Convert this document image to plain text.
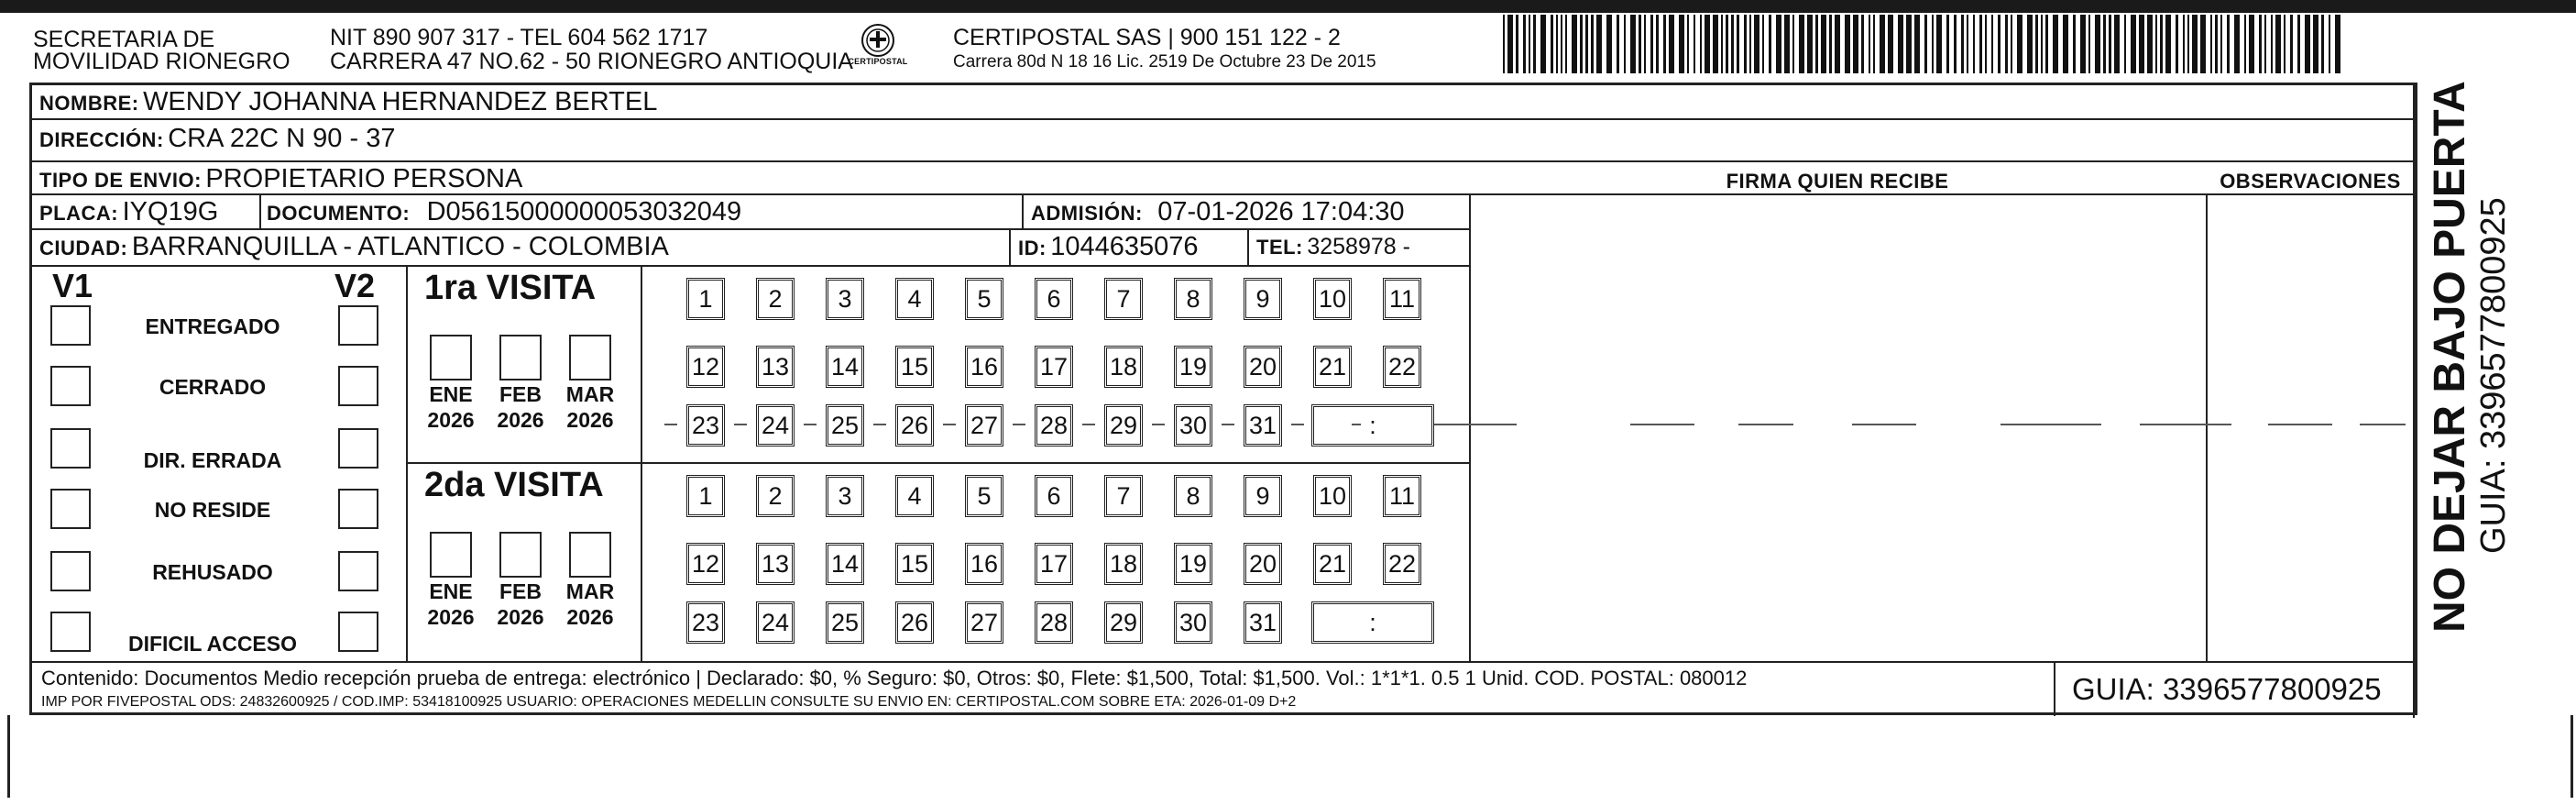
SECRETARIA DE
MOVILIDAD RIONEGRO
NIT 890 907 317 - TEL 604 562 1717
CARRERA 47 NO.62 - 50 RIONEGRO ANTIOQUIA
CERTIPOSTAL
CERTIPOSTAL SAS | 900 151 122 - 2
Carrera 80d N 18 16 Lic. 2519 De Octubre 23 De 2015
NOMBRE: WENDY JOHANNA HERNANDEZ BERTEL
DIRECCIÓN: CRA 22C N 90 - 37
TIPO DE ENVIO: PROPIETARIO PERSONA	FIRMA QUIEN RECIBE	OBSERVACIONES
PLACA: IYQ19G DOCUMENTO: D05615000000053032049	ADMISIÓN: 07-01-2026 17:04:30
CIUDAD: BARRANQUILLA - ATLANTICO - COLOMBIA	ID: 1044635076	TEL: 3258978 -
V1	V2
ENTREGADO
CERRADO
DIR. ERRADA
NO RESIDE
REHUSADO
DIFICIL ACCESO
1ra VISITA
ENE
2026
FEB
2026
MAR
2026
1	2	3	4	5	6	7	8	9	10 11
12 13 14 15 16 17 18 19 20 21 22
23 24 25 26 27 28 29 30 31	:
2da VISITA
ENE
2026
FEB
2026
MAR
2026
1	2	3	4	5	6	7	8	9	10 11
12 13 14 15 16 17 18 19 20 21 22
23 24 25 26 27 28 29 30 31	:
Contenido: Documentos Medio recepción prueba de entrega: electrónico | Declarado: $0, % Seguro: $0, Otros: $0, Flete: $1,500, Total: $1,500. Vol.: 1*1*1. 0.5 1 Unid. COD. POSTAL: 080012
IMP POR FIVEPOSTAL ODS: 24832600925 / COD.IMP: 53418100925 USUARIO: OPERACIONES MEDELLIN CONSULTE SU ENVIO EN: CERTIPOSTAL.COM SOBRE ETA: 2026-01-09 D+2	GUIA: 3396577800925
NO DEJAR BAJO PUERTA GUIA: 3396577800925
